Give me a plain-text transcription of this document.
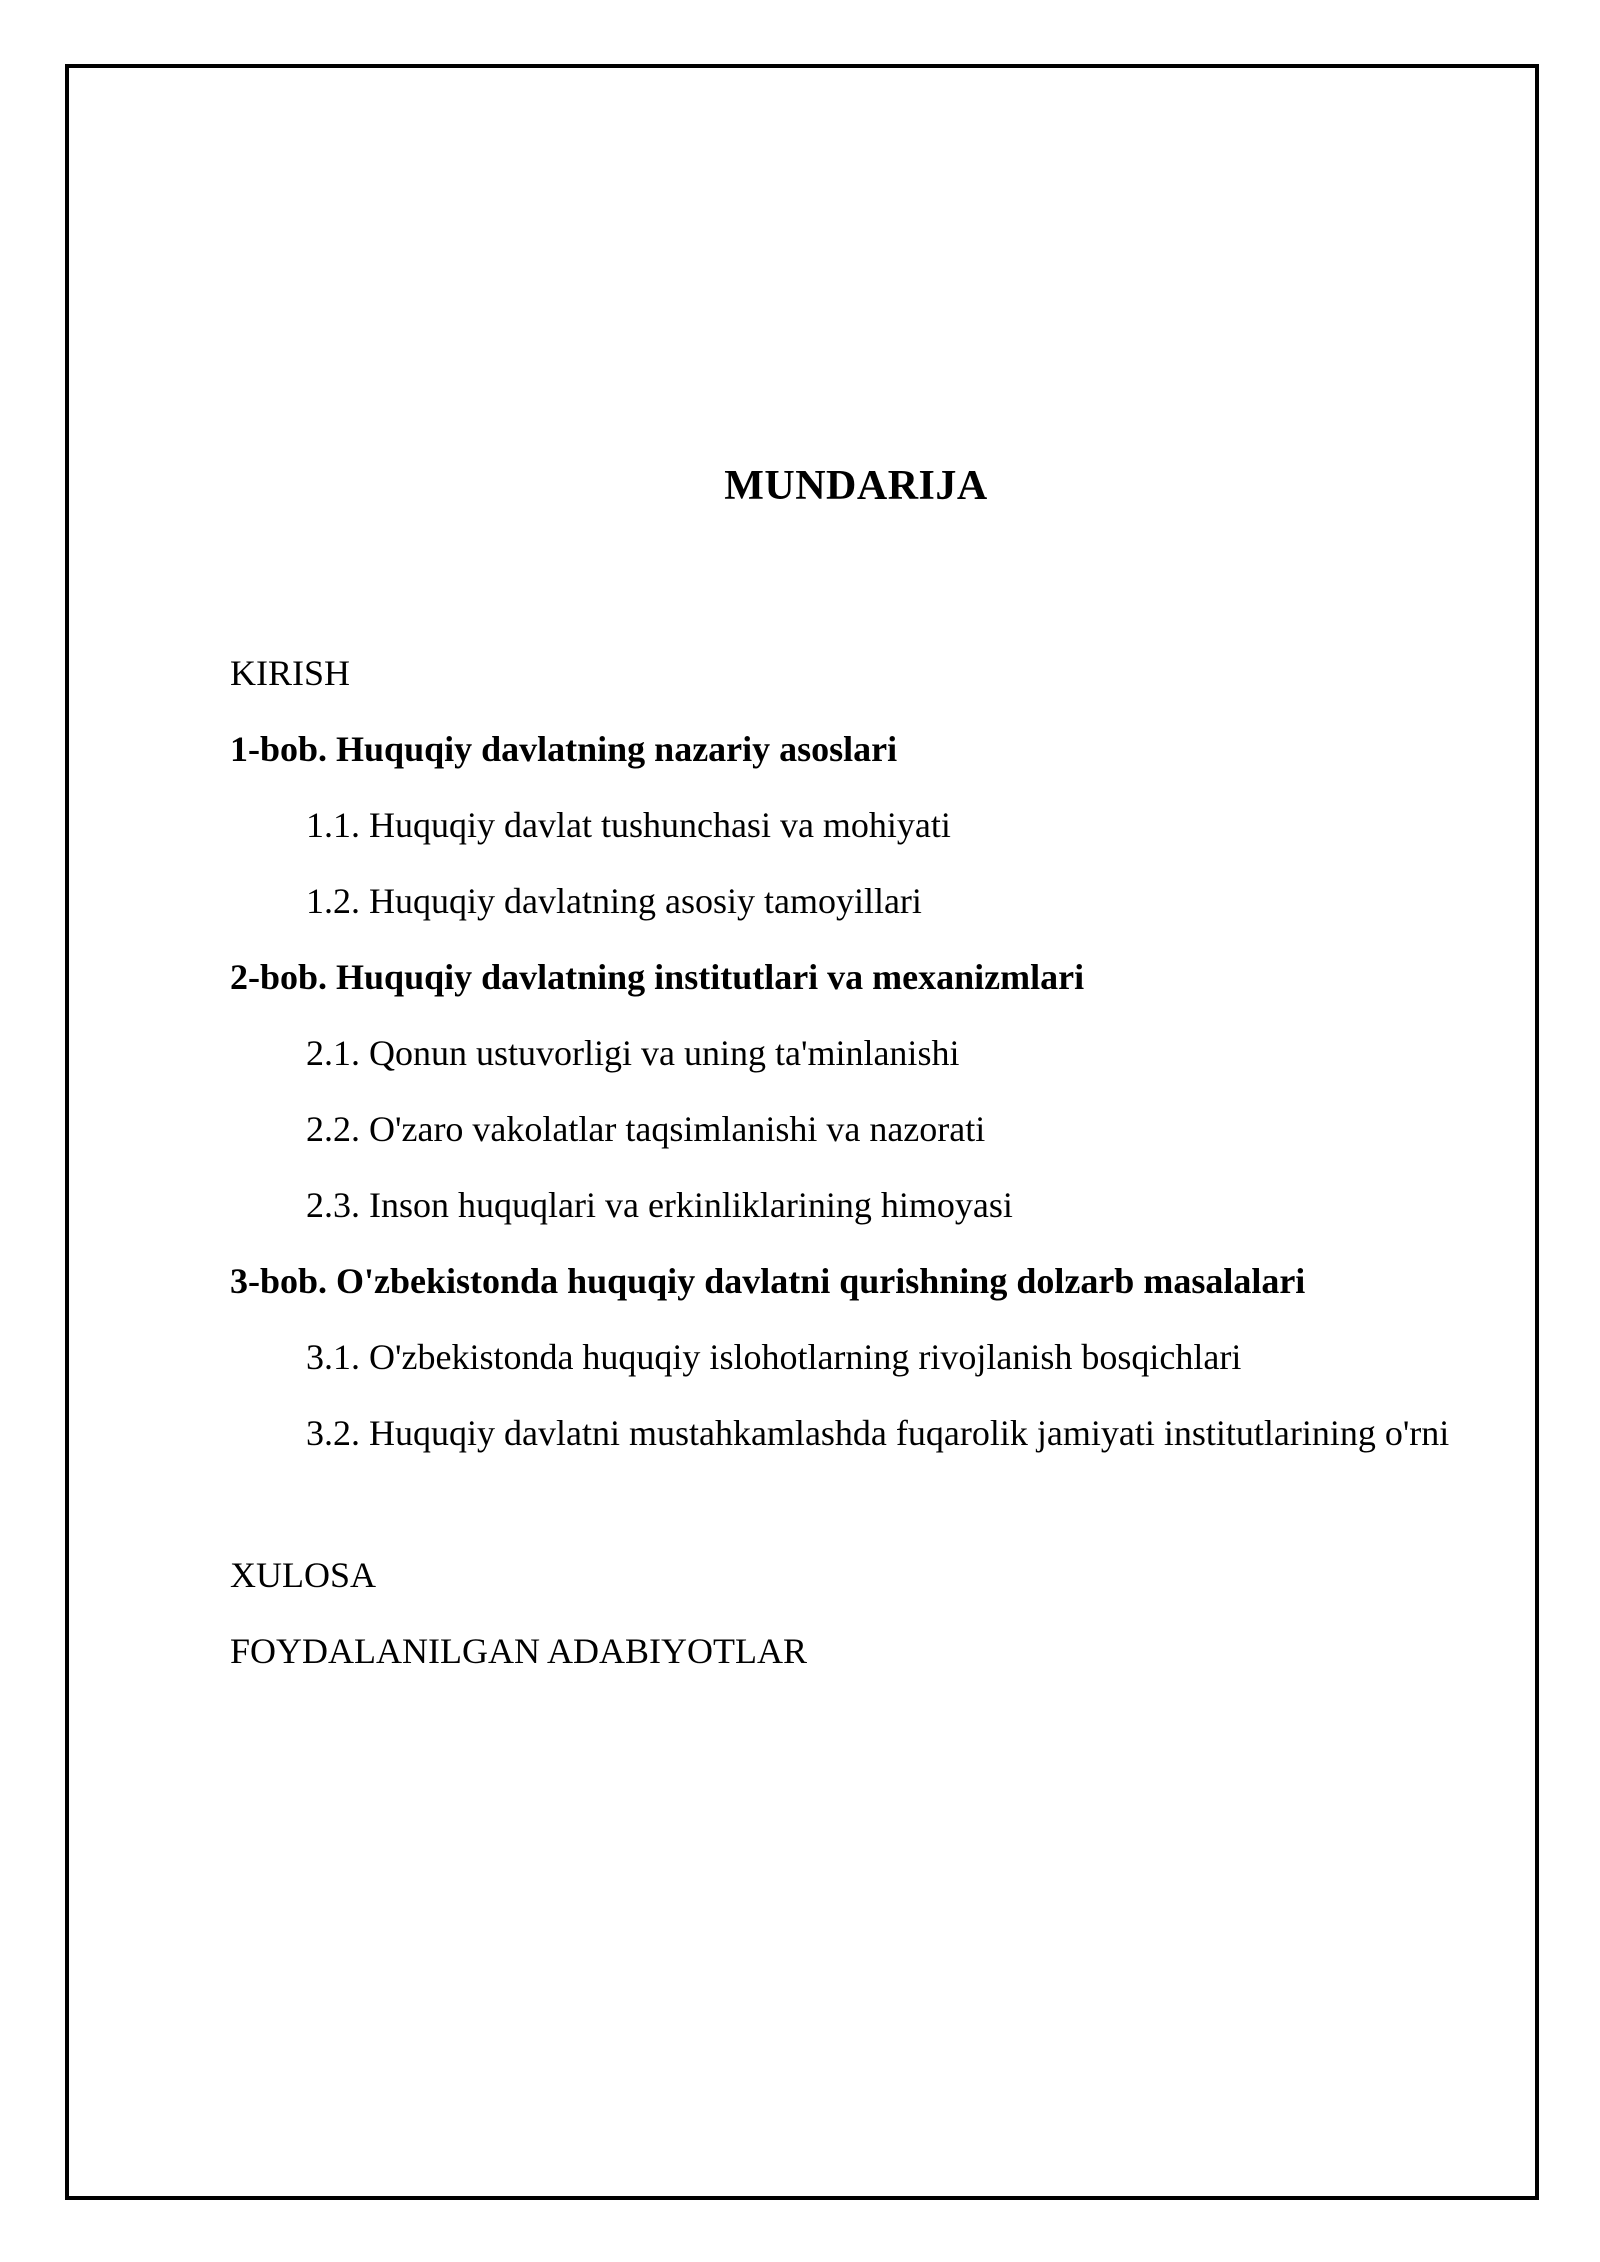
MUNDARIJA
KIRISH
1-bob. Huquqiy davlatning nazariy asoslari
1.1. Huquqiy davlat tushunchasi va mohiyati
1.2. Huquqiy davlatning asosiy tamoyillari
2-bob. Huquqiy davlatning institutlari va mexanizmlari
2.1. Qonun ustuvorligi va uning ta'minlanishi
2.2. O'zaro vakolatlar taqsimlanishi va nazorati
2.3. Inson huquqlari va erkinliklarining himoyasi
3-bob. O'zbekistonda huquqiy davlatni qurishning dolzarb masalalari
3.1. O'zbekistonda huquqiy islohotlarning rivojlanish bosqichlari
3.2. Huquqiy davlatni mustahkamlashda fuqarolik jamiyati institutlarining o'rni
XULOSA
FOYDALANILGAN ADABIYOTLAR
